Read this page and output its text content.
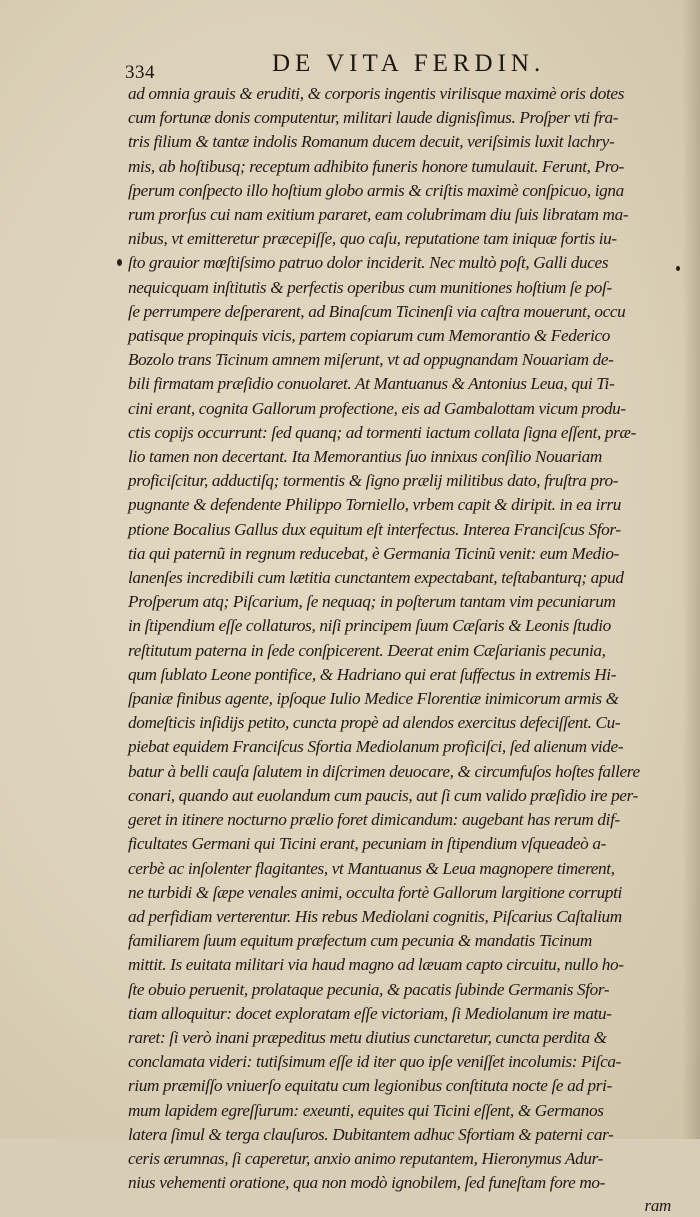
334	DE VITA FERDIN.
ad omnia grauis & eruditi, & corporis ingentis virilisque maximè oris dotes
cum fortunæ donis computentur, militari laude dignisſimus. Proſper vti fra-
tris filium & tantæ indolis Romanum ducem decuit, veriſsimis luxit lachry-
mis, ab hoſtibusq; receptum adhibito funeris honore tumulauit. Ferunt, Pro-
ſperum conſpecto illo hoſtium globo armis & criſtis maximè conſpicuo, igna
rum prorſus cui nam exitium pararet, eam colubrimam diu ſuis libratam ma-
nibus, vt emitteretur præcepiſſe, quo caſu, reputatione tam iniquæ fortis iu-
ſto grauior mœſtiſsimo patruo dolor inciderit. Nec multò poſt, Galli duces
nequicquam inſtitutis & perfectis operibus cum munitiones hoſtium ſe poſ-
ſe perrumpere deſperarent, ad Binaſcum Ticinenſi via caſtra mouerunt, occu
patisque propinquis vicis, partem copiarum cum Memorantio & Federico
Bozolo trans Ticinum amnem miſerunt, vt ad oppugnandam Nouariam de-
bili firmatam præſidio conuolaret. At Mantuanus & Antonius Leua, qui Ti-
cini erant, cognita Gallorum profectione, eis ad Gambalottam vicum produ-
ctis copijs occurrunt: ſed quanq; ad tormenti iactum collata ſigna eſſent, præ-
lio tamen non decertant. Ita Memorantius ſuo innixus conſilio Nouariam
proficiſcitur, adductiſq; tormentis & ſigno prælij militibus dato, fruſtra pro-
pugnante & defendente Philippo Torniello, vrbem capit & diripit. in ea irru
ptione Bocalius Gallus dux equitum eſt interfectus. Interea Franciſcus Sfor-
tia qui paternũ in regnum reducebat, è Germania Ticinũ venit: eum Medio-
lanenſes incredibili cum lætitia cunctantem expectabant, teſtabanturq; apud
Proſperum atq; Piſcarium, ſe nequaq; in poſterum tantam vim pecuniarum
in ſtipendium eſſe collaturos, niſi principem ſuum Cæſaris & Leonis ſtudio
reſtitutum paterna in ſede conſpicerent. Deerat enim Cæſarianis pecunia,
qum ſublato Leone pontifice, & Hadriano qui erat ſuffectus in extremis Hi-
ſpaniæ finibus agente, ipſoque Iulio Medice Florentiæ inimicorum armis &
domeſticis inſidijs petito, cuncta propè ad alendos exercitus defeciſſent. Cu-
piebat equidem Franciſcus Sfortia Mediolanum proficiſci, ſed alienum vide-
batur à belli cauſa ſalutem in diſcrimen deuocare, & circumfuſos hoſtes fallere
conari, quando aut euolandum cum paucis, aut ſi cum valido præſidio ire per-
geret in itinere nocturno prælio foret dimicandum: augebant has rerum dif-
ficultates Germani qui Ticini erant, pecuniam in ſtipendium vſqueadeò a-
cerbè ac inſolenter flagitantes, vt Mantuanus & Leua magnopere timerent,
ne turbidi & ſæpe venales animi, occulta fortè Gallorum largitione corrupti
ad perfidiam verterentur. His rebus Mediolani cognitis, Piſcarius Caſtalium
familiarem ſuum equitum præfectum cum pecunia & mandatis Ticinum
mittit. Is euitata militari via haud magno ad læuam capto circuitu, nullo ho-
ſte obuio peruenit, prolataque pecunia, & pacatis ſubinde Germanis Sfor-
tiam alloquitur: docet exploratam eſſe victoriam, ſi Mediolanum ire matu-
raret: ſi verò inani præpeditus metu diutius cunctaretur, cuncta perdita &
conclamata videri: tutiſsimum eſſe id iter quo ipſe veniſſet incolumis: Piſca-
rium præmiſſo vniuerſo equitatu cum legionibus conſtituta nocte ſe ad pri-
mum lapidem egreſſurum: exeunti, equites qui Ticini eſſent, & Germanos
latera ſimul & terga clauſuros. Dubitantem adhuc Sfortiam & paterni car-
ceris ærumnas, ſi caperetur, anxio animo reputantem, Hieronymus Adur-
nius vehementi oratione, qua non modò ignobilem, ſed funeſtam fore mo-
ram
